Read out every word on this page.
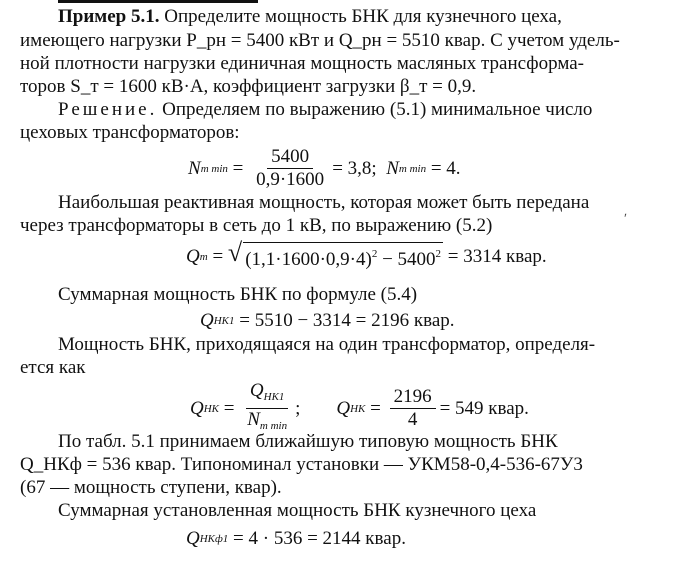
Пример 5.1. Определите мощность БНК для кузнечного цеха,
имеющего нагрузки P_рн = 5400 кВт и Q_рн = 5510 квар. С учетом удель-
ной плотности нагрузки единичная мощность масляных трансформа-
торов S_т = 1600 кВ·А, коэффициент загрузки β_т = 0,9.
Решение. Определяем по выражению (5.1) минимальное число
цеховых трансформаторов:
N т $\min = \frac{5400}{0,9\cdot 1600} = 3,8$;
N т min
= 4.
Наибольшая реактивная мощность, которая может быть передана
через трансформаторы в сеть до 1 кВ, по выражению (5.2)	ʹ
Q т = √ $(1,1\cdot 1600\cdot 0,9\cdot 4)^2 - 5400^2$
= 3314 квар.
Суммарная мощность БНК по формуле (5.4)
Q НК1
= 5510 − 3314 = 2196 квар.
Мощность БНК, приходящаяся на один трансформатор, определя-
ется как
Q НК = $\frac{Q_{НК1}}{N_{т min}}$ ; Q НК = $\frac{2196}{4} = 549$ квар.
По табл. 5.1 принимаем ближайшую типовую мощность БНК
Q_НКф = 536 квар. Типономинал установки — УКМ58-0,4-536-67У3
(67 — мощность ступени, квар).
Суммарная установленная мощность БНК кузнечного цеха
Q НКф1
= 4 · 536 = 2144 квар.
